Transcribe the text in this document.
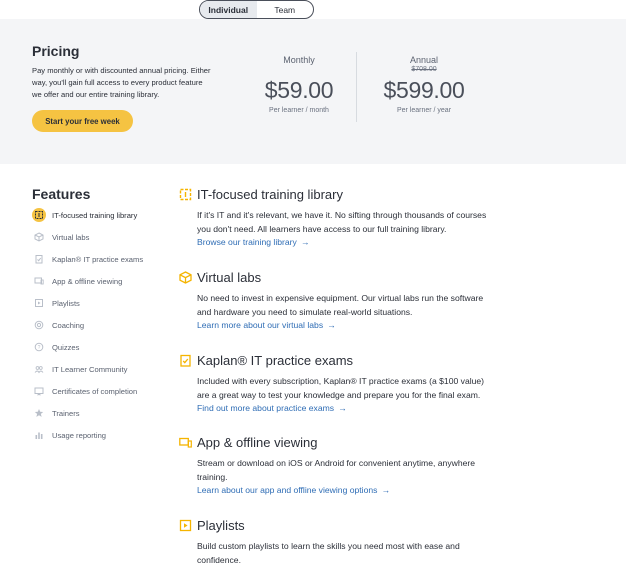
Individual	Team
Pricing

Pay monthly or with discounted annual pricing. Either way, you'll gain full access to every product feature we offer and our entire training library.

Start your free week
Monthly
$59.00
Per learner / month
Annual
$708.00
$599.00
Per learner / year
Features
IT-focused training library
Virtual labs
Kaplan® IT practice exams
App & offline viewing
Playlists
Coaching
? Quizzes
IT Learner Community
Certificates of completion
Trainers
Usage reporting
IT-focused training library

If it's IT and it's relevant, we have it. No sifting through thousands of courses you don't need. All learners have access to our full training library.

Browse our training library →
Virtual labs

No need to invest in expensive equipment. Our virtual labs run the software and hardware you need to simulate real-world situations.

Learn more about our virtual labs →
Kaplan® IT practice exams

Included with every subscription, Kaplan® IT practice exams (a $100 value) are a great way to test your knowledge and prepare you for the final exam.

Find out more about practice exams →
App & offline viewing

Stream or download on iOS or Android for convenient anytime, anywhere training.

Learn about our app and offline viewing options →
Playlists

Build custom playlists to learn the skills you need most with ease and confidence.
